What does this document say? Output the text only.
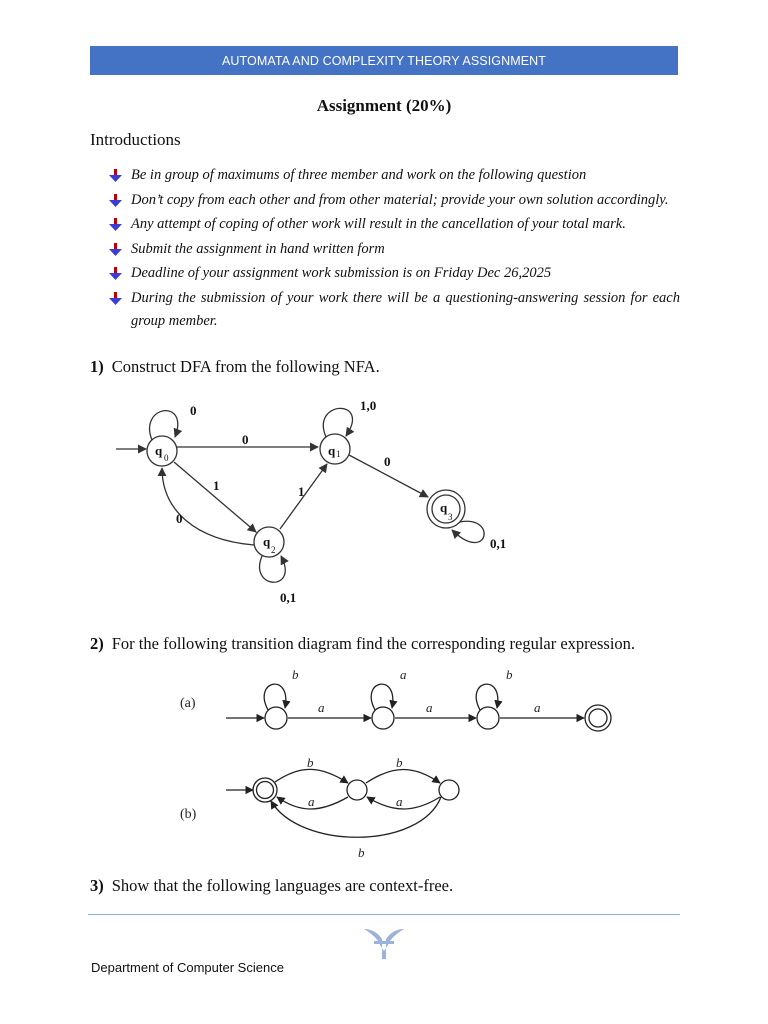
AUTOMATA AND COMPLEXITY THEORY ASSIGNMENT
Assignment (20%)
Introductions
Be in group of maximums of three member and work on the following question
Don’t copy from each other and from other material; provide your own solution accordingly.
Any attempt of coping of other work will result in the cancellation of your total mark.
Submit the assignment in hand written form
Deadline of your assignment work submission is on Friday Dec 26,2025
During the submission of your work there will be a questioning-answering session for each group member.
1) Construct DFA from the following NFA.
q 0	q 1
q
2
q
3
0
0
1
0
1
1,0
0
0,1
0,1
2) For the following transition diagram find the corresponding regular expression.
(a)
b	a	b
a	a	a
(b)
b	b
a	a
b
3) Show that the following languages are context-free.
Department of Computer Science
